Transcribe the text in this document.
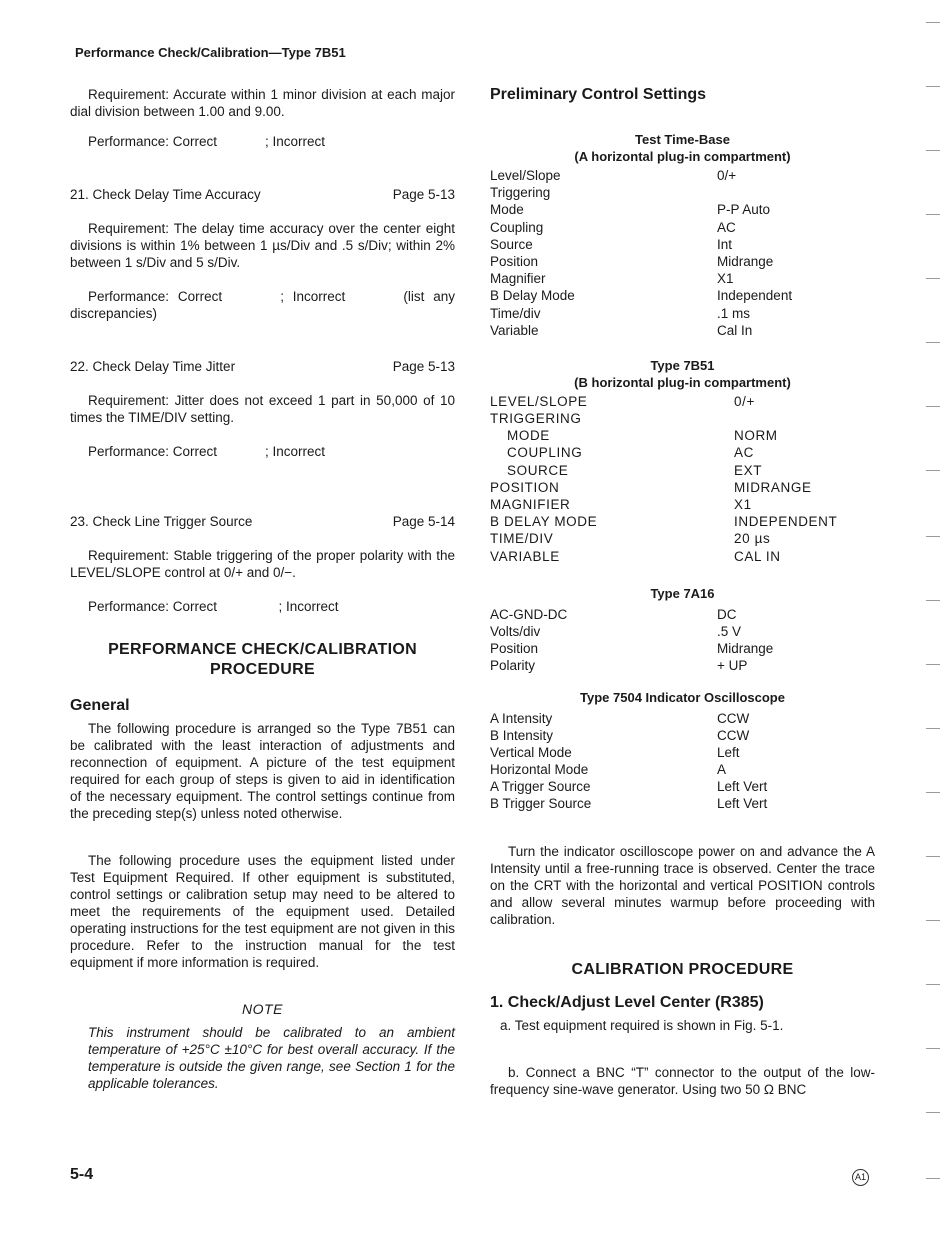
Performance Check/Calibration—Type 7B51

Requirement: Accurate within 1 minor division at each major dial division between 1.00 and 9.00.

Performance: Correct     ; Incorrect
21. Check Delay Time Accuracy	Page 5-13

Requirement: The delay time accuracy over the center eight divisions is within 1% between 1 µs/Div and .5 s/Div; within 2% between 1 s/Div and 5 s/Div.

Performance: Correct     ; Incorrect     (list any discrepancies)

22. Check Delay Time Jitter	Page 5-13

Requirement: Jitter does not exceed 1 part in 50,000 of 10 times the TIME/DIV setting.

Performance: Correct     ; Incorrect
23. Check Line Trigger Source	Page 5-14

Requirement: Stable triggering of the proper polarity with the LEVEL/SLOPE control at 0/+ and 0/−.

Performance: Correct      ; Incorrect
PERFORMANCE CHECK/CALIBRATION
PROCEDURE
General

The following procedure is arranged so the Type 7B51 can be calibrated with the least interaction of adjustments and reconnection of equipment. A picture of the test equipment required for each group of steps is given to aid in identification of the necessary equipment. The control settings continue from the preceding step(s) unless noted otherwise.

The following procedure uses the equipment listed under Test Equipment Required. If other equipment is substituted, control settings or calibration setup may need to be altered to meet the requirements of the equipment used. Detailed operating instructions for the test equipment are not given in this procedure. Refer to the instruction manual for the test equipment if more information is required.

NOTE

This instrument should be calibrated to an ambient temperature of +25°C ±10°C for best overall accuracy. If the temperature is outside the given range, see Section 1 for the applicable tolerances.

Preliminary Control Settings
Test Time-Base
(A horizontal plug-in compartment)
Level/Slope	0/+
Triggering	
Mode	P-P Auto
Coupling	AC
Source	Int
Position	Midrange
Magnifier	X1
B Delay Mode	Independent
Time/div	.1 ms
Variable	Cal In
Type 7B51
(B horizontal plug-in compartment)
LEVEL/SLOPE	0/+
TRIGGERING	
MODE	NORM
COUPLING	AC
SOURCE	EXT
POSITION	MIDRANGE
MAGNIFIER	X1
B DELAY MODE	INDEPENDENT
TIME/DIV	20 µs
VARIABLE	CAL IN
Type 7A16
AC-GND-DC	DC
Volts/div	.5 V
Position	Midrange
Polarity	+ UP
Type 7504 Indicator Oscilloscope
A Intensity	CCW
B Intensity	CCW
Vertical Mode	Left
Horizontal Mode	A
A Trigger Source	Left Vert
B Trigger Source	Left Vert

Turn the indicator oscilloscope power on and advance the A Intensity until a free-running trace is observed. Center the trace on the CRT with the horizontal and vertical POSITION controls and allow several minutes warmup before proceeding with calibration.

CALIBRATION PROCEDURE
1. Check/Adjust Level Center (R385)

a. Test equipment required is shown in Fig. 5-1.

b. Connect a BNC “T” connector to the output of the low-frequency sine-wave generator. Using two 50 Ω BNC

5-4	A1
